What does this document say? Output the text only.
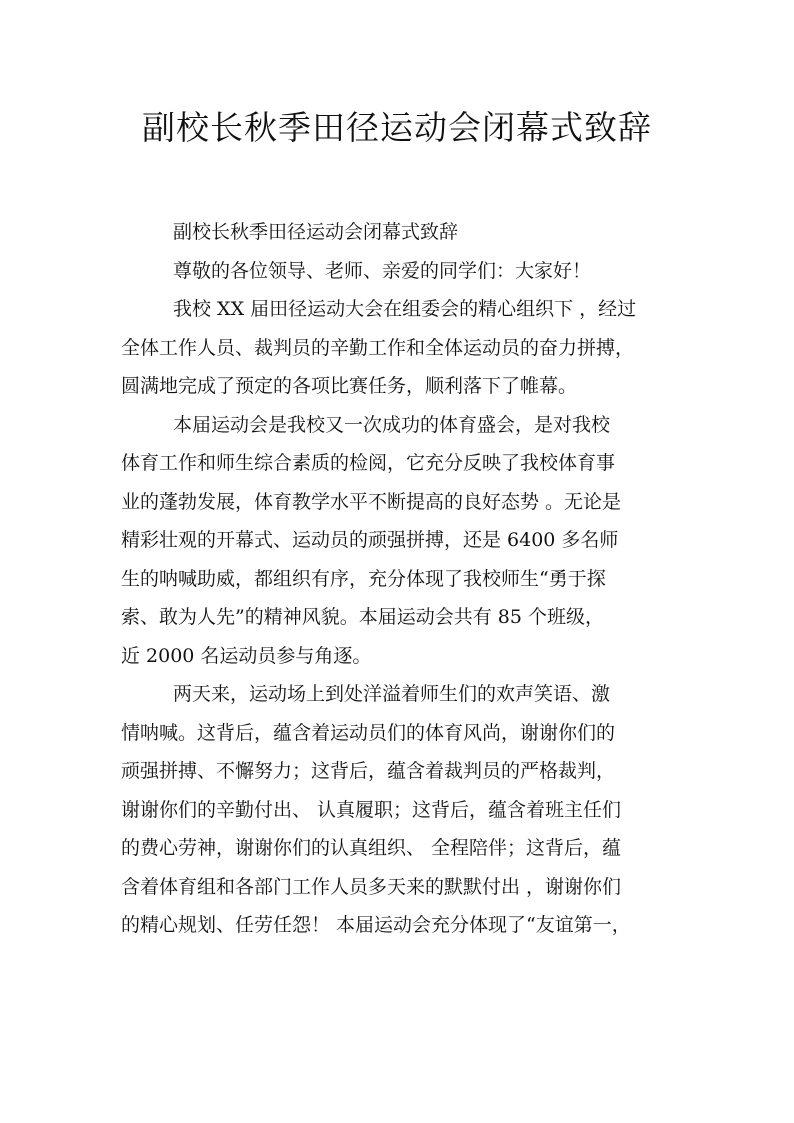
副校长秋季田径运动会闭幕式致辞
副校长秋季田径运动会闭幕式致辞
尊敬的各位领导、老师、亲爱的同学们：大家好！
我校 XX 届田径运动大会在组委会的精心组织下 ，经过
全体工作人员、裁判员的辛勤工作和全体运动员的奋力拼搏，
圆满地完成了预定的各项比赛任务，顺利落下了帷幕。
本届运动会是我校又一次成功的体育盛会，是对我校
体育工作和师生综合素质的检阅，它充分反映了我校体育事
业的蓬勃发展，体育教学水平不断提高的良好态势 。无论是
精彩壮观的开幕式、运动员的顽强拼搏，还是 6400 多名师
生的呐喊助威，都组织有序，充分体现了我校师生“勇于探
索、敢为人先”的精神风貌。本届运动会共有 85 个班级，
近 2000 名运动员参与角逐。
两天来，运动场上到处洋溢着师生们的欢声笑语、激
情呐喊。这背后，蕴含着运动员们的体育风尚，谢谢你们的
顽强拼搏、不懈努力；这背后，蕴含着裁判员的严格裁判，
谢谢你们的辛勤付出、 认真履职；这背后，蕴含着班主任们
的费心劳神，谢谢你们的认真组织、 全程陪伴；这背后，蕴
含着体育组和各部门工作人员多天来的默默付出 ，谢谢你们
的精心规划、任劳任怨！ 本届运动会充分体现了“友谊第一，
